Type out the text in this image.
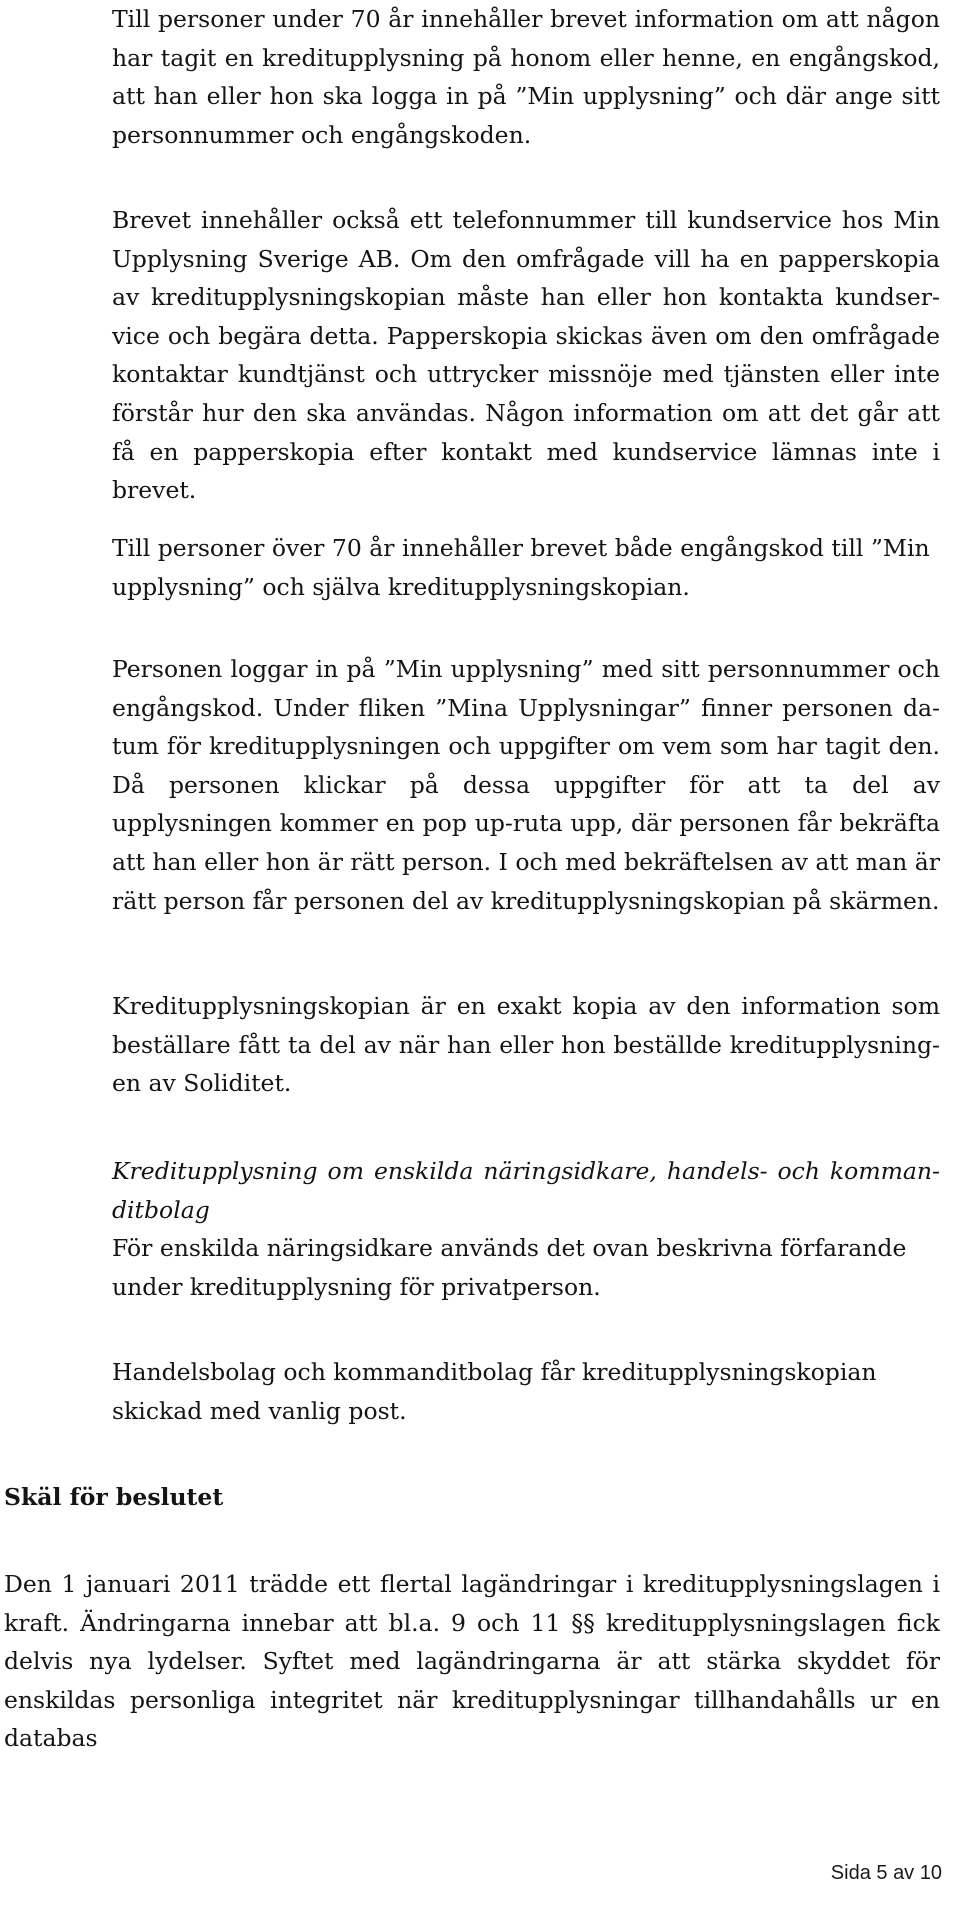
Till personer under 70 år innehåller brevet information om att någon har tagit en kreditupplysning på honom eller henne, en engångskod, att han eller hon ska logga in på ”Min upplysning” och där ange sitt personnummer och engångskoden.

Brevet innehåller också ett telefonnummer till kundservice hos Min Upplysning Sverige AB. Om den omfrågade vill ha en papperskopia av kreditupplysningskopian måste han eller hon kontakta kundservice och begära detta. Papperskopia skickas även om den omfrågade kontaktar kundtjänst och uttrycker missnöje med tjänsten eller inte förstår hur den ska användas. Någon information om att det går att få en papperskopia efter kontakt med kundservice lämnas inte i brevet.

Till personer över 70 år innehåller brevet både engångskod till ”Min upplysning” och själva kreditupplysningskopian.

Personen loggar in på ”Min upplysning” med sitt personnummer och engångskod. Under fliken ”Mina Upplysningar” finner personen datum för kreditupplysningen och uppgifter om vem som har tagit den. Då personen klickar på dessa uppgifter för att ta del av upplysningen kommer en pop up-ruta upp, där personen får bekräfta att han eller hon är rätt person. I och med bekräftelsen av att man är rätt person får personen del av kreditupplysningskopian på skärmen.

Kreditupplysningskopian är en exakt kopia av den information som beställare fått ta del av när han eller hon beställde kreditupplysningen av Soliditet.

Kreditupplysning om enskilda näringsidkare, handels- och kommanditbolag

För enskilda näringsidkare används det ovan beskrivna förfarande under kreditupplysning för privatperson.

Handelsbolag och kommanditbolag får kreditupplysningskopian skickad med vanlig post.

Skäl för beslutet

Den 1 januari 2011 trädde ett flertal lagändringar i kreditupplysningslagen i kraft. Ändringarna innebar att bl.a. 9 och 11 §§ kreditupplysningslagen fick delvis nya lydelser. Syftet med lagändringarna är att stärka skyddet för enskildas personliga integritet när kreditupplysningar tillhandahålls ur en databas

Sida 5 av 10
